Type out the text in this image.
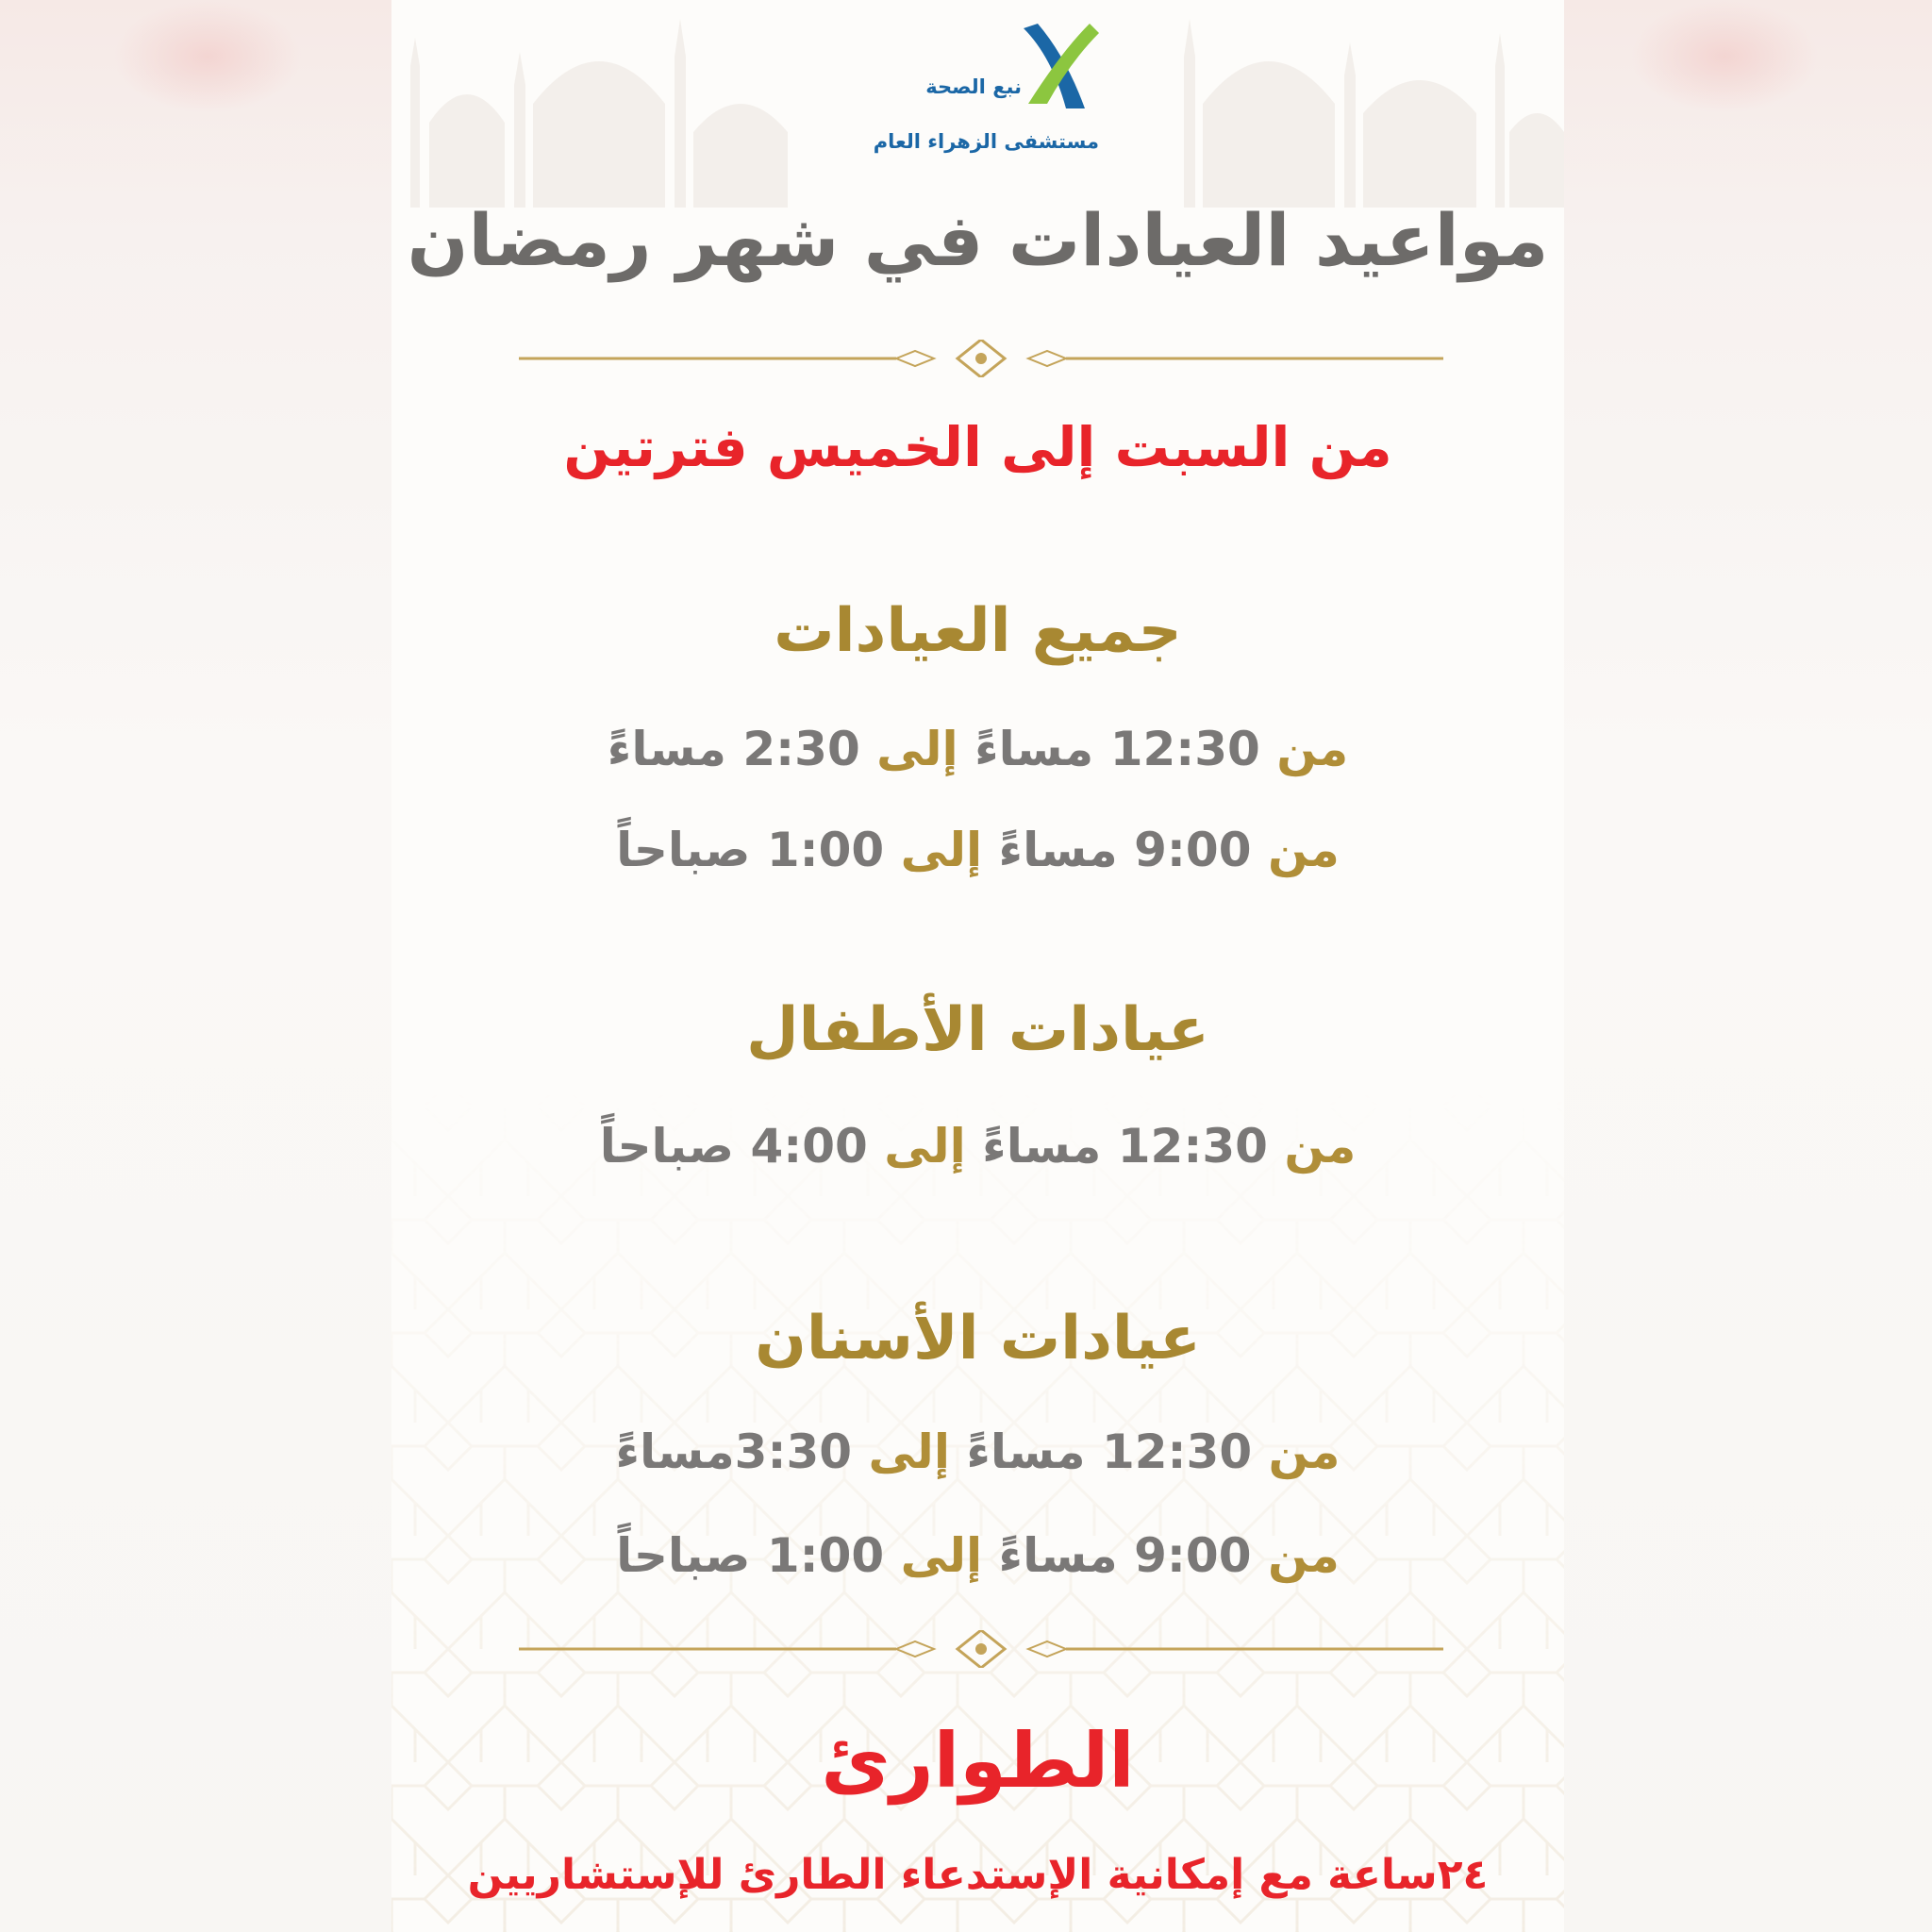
نبع الصحة
مستشفى الزهراء العام
مواعيد العيادات في شهر رمضان
من السبت إلى الخميس فترتين
جميع العيادات
من 12:30 مساءً إلى 2:30 مساءً
من 9:00 مساءً إلى 1:00 صباحاً
عيادات الأطفال
من 12:30 مساءً إلى 4:00 صباحاً
عيادات الأسنان
من 12:30 مساءً إلى 3:30مساءً
من 9:00 مساءً إلى 1:00 صباحاً
الطوارئ
٢٤ساعة مع إمكانية الإستدعاء الطارئ للإستشاريين
